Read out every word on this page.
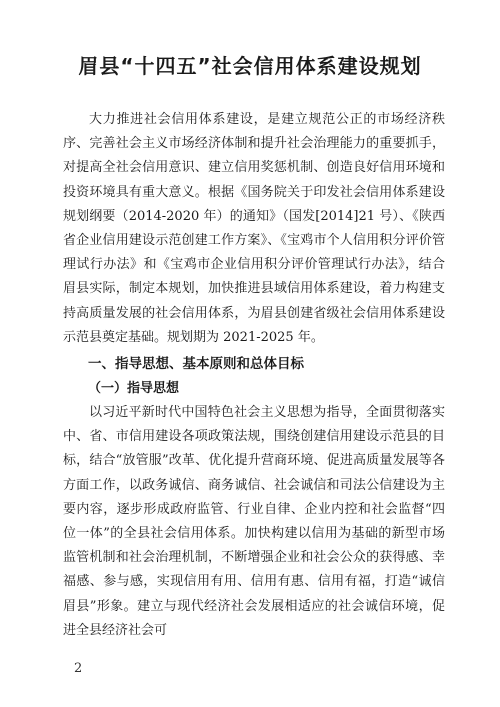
眉县“十四五”社会信用体系建设规划
大力推进社会信用体系建设，是建立规范公正的市场经济秩序、完善社会主义市场经济体制和提升社会治理能力的重要抓手，对提高全社会信用意识、建立信用奖惩机制、创造良好信用环境和投资环境具有重大意义。根据《国务院关于印发社会信用体系建设规划纲要（2014-2020 年）的通知》（国发[2014]21 号）、《陕西省企业信用建设示范创建工作方案》、《宝鸡市个人信用积分评价管理试行办法》和《宝鸡市企业信用积分评价管理试行办法》，结合眉县实际，制定本规划，加快推进县域信用体系建设，着力构建支持高质量发展的社会信用体系，为眉县创建省级社会信用体系建设示范县奠定基础。规划期为 2021-2025 年。
一、指导思想、基本原则和总体目标
（一）指导思想
以习近平新时代中国特色社会主义思想为指导，全面贯彻落实中、省、市信用建设各项政策法规，围绕创建信用建设示范县的目标，结合“放管服”改革、优化提升营商环境、促进高质量发展等各方面工作，以政务诚信、商务诚信、社会诚信和司法公信建设为主要内容，逐步形成政府监管、行业自律、企业内控和社会监督“四位一体”的全县社会信用体系。加快构建以信用为基础的新型市场监管机制和社会治理机制，不断增强企业和社会公众的获得感、幸福感、参与感，实现信用有用、信用有惠、信用有福，打造“诚信眉县”形象。建立与现代经济社会发展相适应的社会诚信环境，促进全县经济社会可
2
